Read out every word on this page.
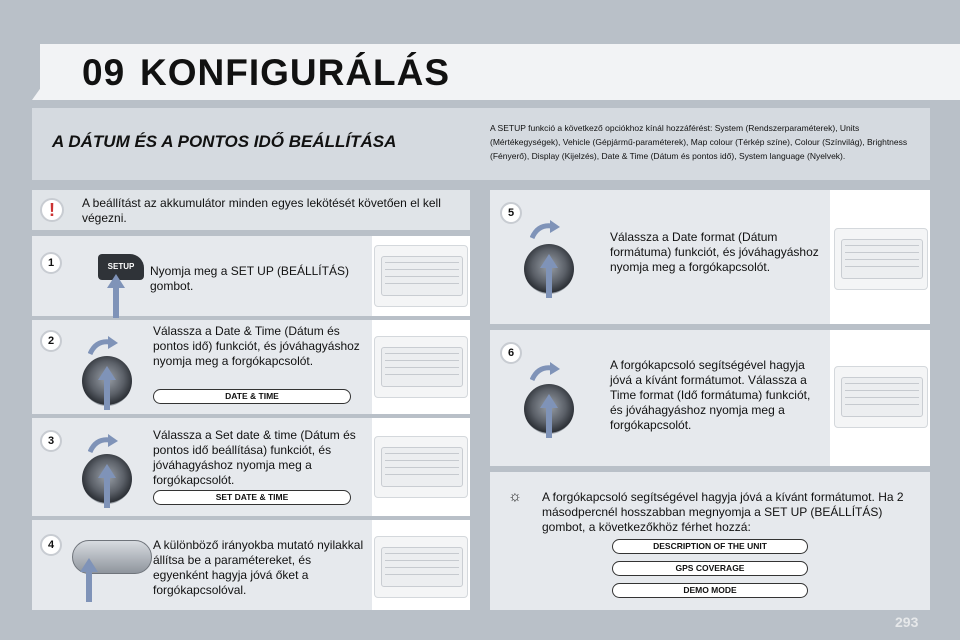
09 KONFIGURÁLÁS
A DÁTUM ÉS A PONTOS IDŐ BEÁLLÍTÁSA
A SETUP funkció a következő opciókhoz kínál hozzáférést: System (Rendszerparaméterek), Units (Mértékegységek), Vehicle (Gépjármű-paraméterek), Map colour (Térkép színe), Colour (Színvilág), Brightness (Fényerő), Display (Kijelzés), Date & Time (Dátum és pontos idő), System language (Nyelvek).
!	A beállítást az akkumulátor minden egyes lekötését követően el kell végezni.
1
2
3
4
5
6
SETUP	Nyomja meg a SET UP (BEÁLLÍTÁS) gombot.
Válassza a Date & Time (Dátum és pontos idő) funkciót, és jóváhagyáshoz nyomja meg a forgókapcsolót.
DATE & TIME
Válassza a Set date & time (Dátum és pontos idő beállítása) funkciót, és jóváhagyáshoz nyomja meg a forgókapcsolót.
SET DATE & TIME
A különböző irányokba mutató nyilakkal állítsa be a paramétereket, és egyenként hagyja jóvá őket a forgókapcsolóval.
Válassza a Date format (Dátum formátuma) funkciót, és jóváhagyáshoz nyomja meg a forgókapcsolót.
A forgókapcsoló segítségével hagyja jóvá a kívánt formátumot. Válassza a Time format (Idő formátuma) funkciót, és jóváhagyáshoz nyomja meg a forgókapcsolót.
☼ A forgókapcsoló segítségével hagyja jóvá a kívánt formátumot. Ha 2 másodpercnél hosszabban megnyomja a SET UP (BEÁLLÍTÁS) gombot, a következőkhöz férhet hozzá:
DESCRIPTION OF THE UNIT
GPS COVERAGE
DEMO MODE
293
